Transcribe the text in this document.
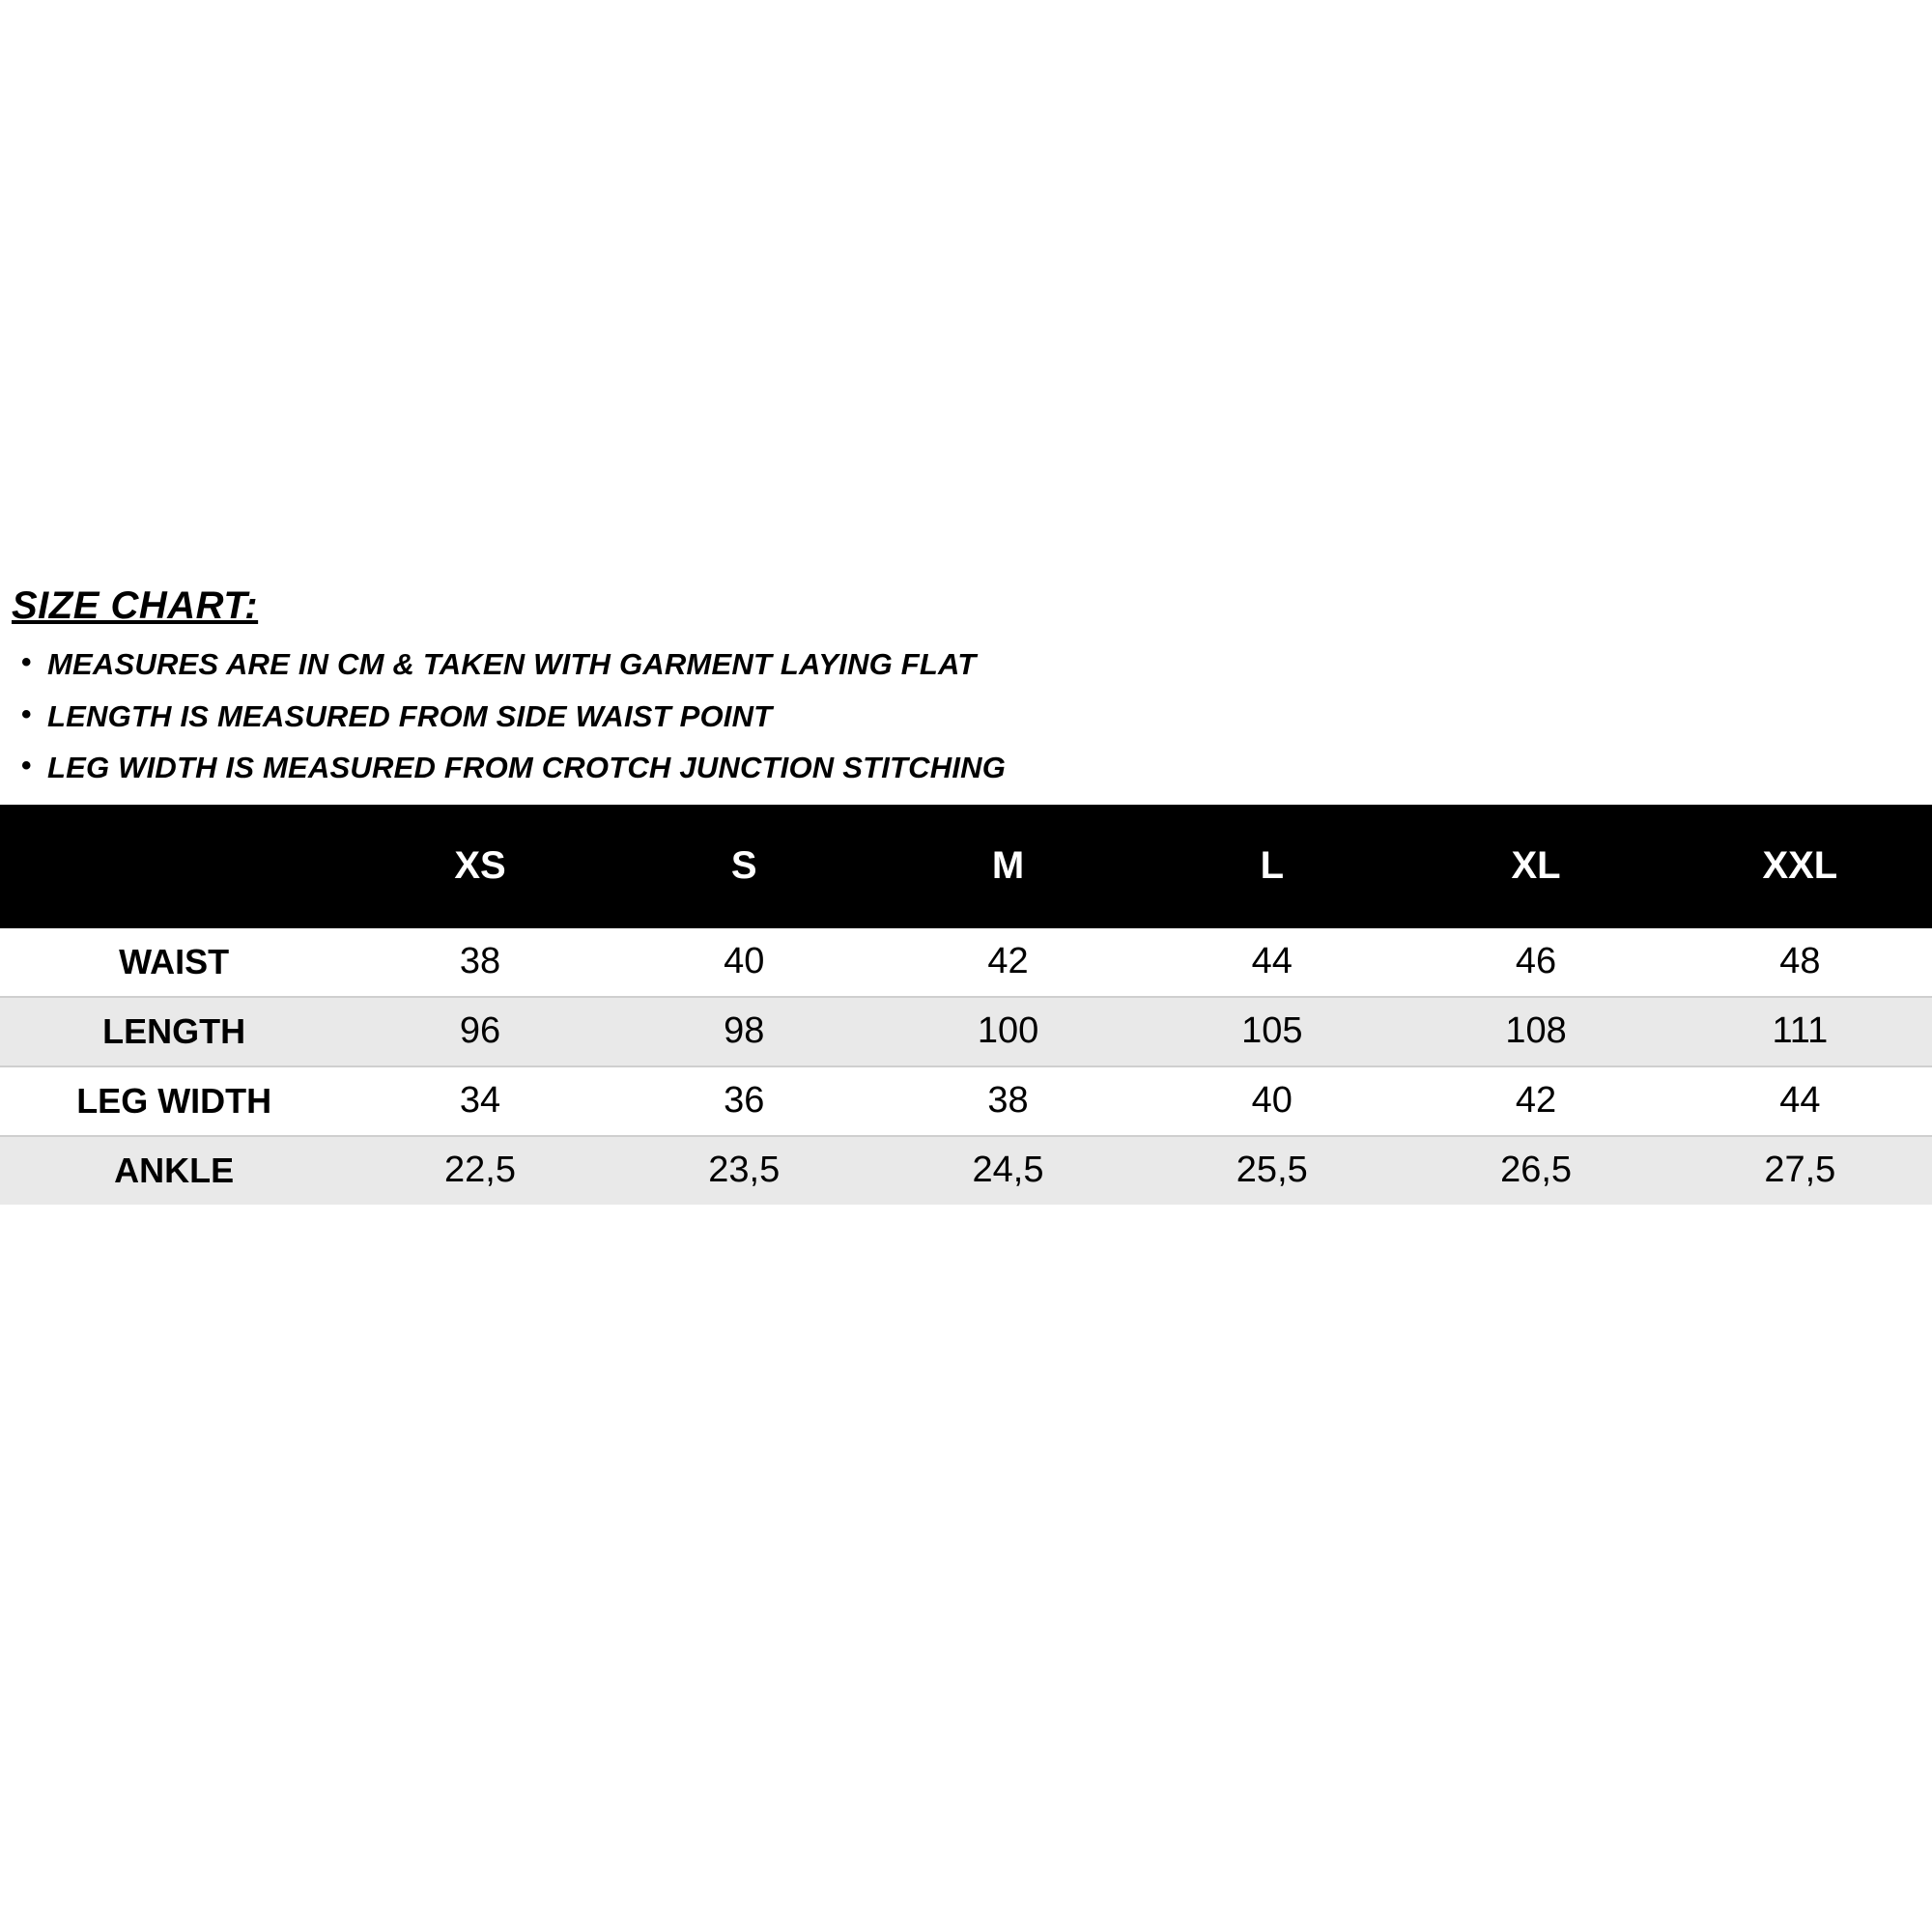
SIZE CHART:
• MEASURES ARE IN CM & TAKEN WITH GARMENT LAYING FLAT
• LENGTH IS MEASURED FROM SIDE WAIST POINT
• LEG WIDTH IS MEASURED FROM CROTCH JUNCTION STITCHING
	XS	S	M	L	XL	XXL
WAIST	38	40	42	44	46	48
LENGTH	96	98	100	105	108	111
LEG WIDTH	34	36	38	40	42	44
ANKLE	22,5	23,5	24,5	25,5	26,5	27,5
